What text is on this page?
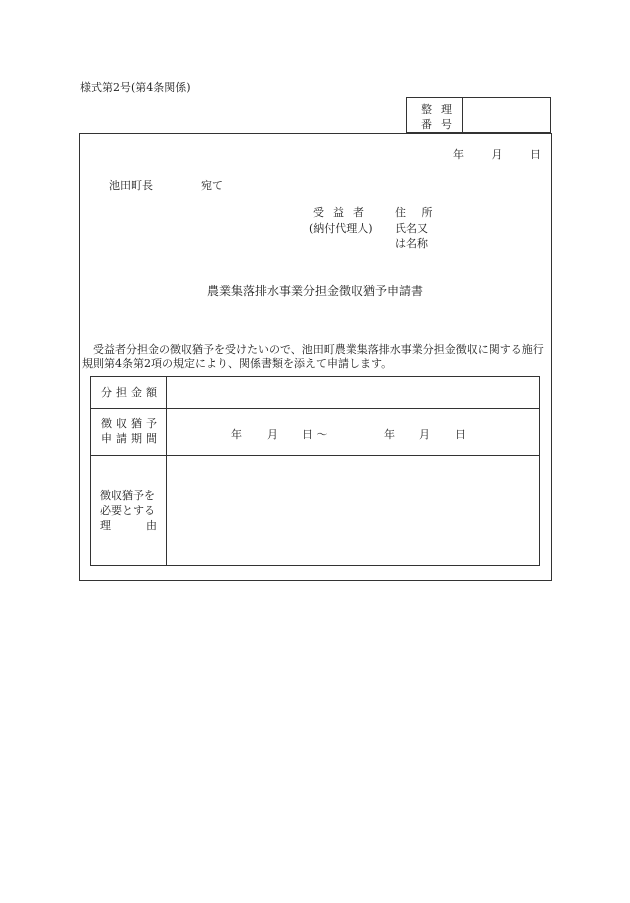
様式第2号(第4条関係)
整理
番号
年	月	日
池田町長	宛て
受益者
(納付代理人)
住 所
氏名又
は名称
農業集落排水事業分担金徴収猶予申請書
受益者分担金の徴収猶予を受けたいので、池田町農業集落排水事業分担金徴収に関する施行規則第4条第2項の規定により、関係書類を添えて申請します。
分担金額
徴収猶予
申請期間	年 月 日 〜	年 月 日
徴収猶予を
必要とする
理	由
